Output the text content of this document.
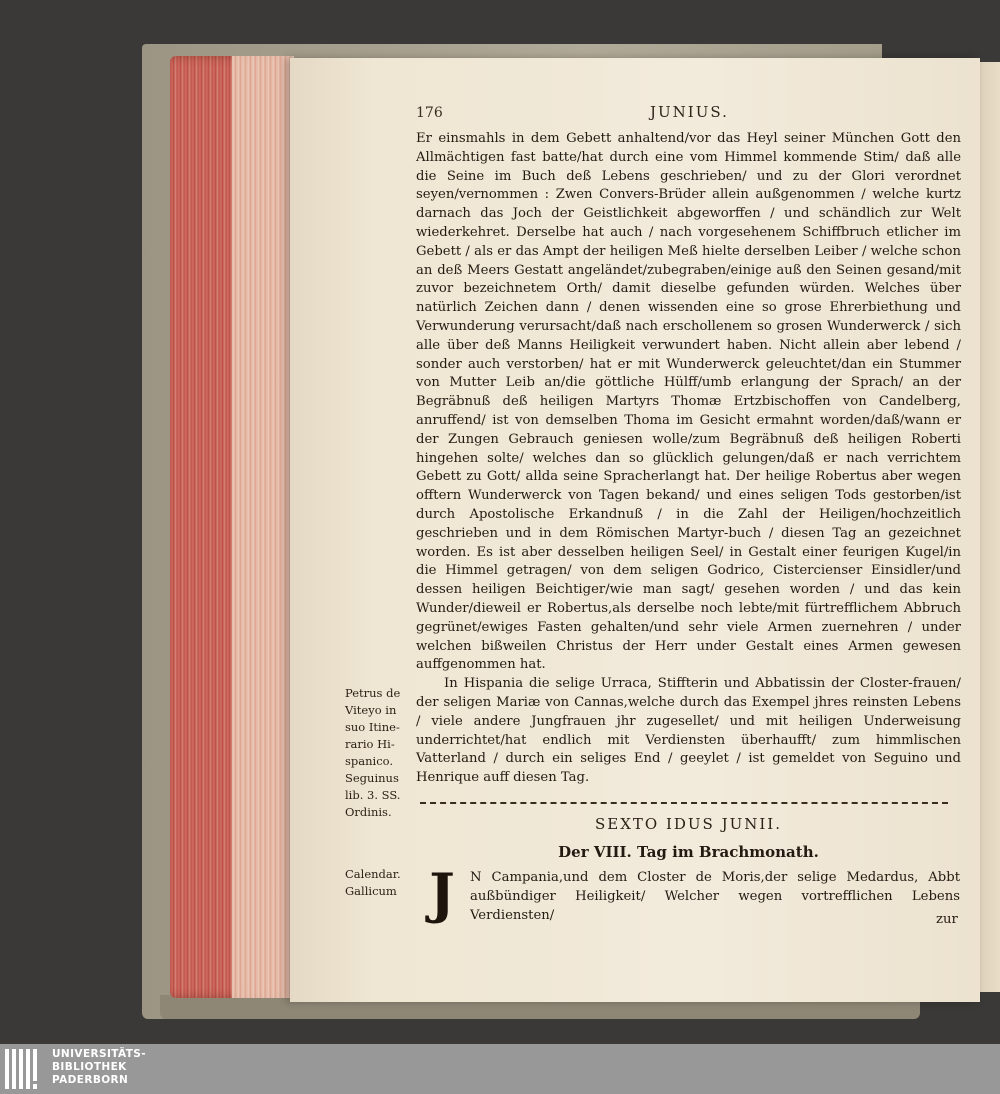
176	JUNIUS.

Er einsmahls in dem Gebett anhaltend/vor das Heyl seiner München Gott den Allmächtigen fast batte/hat durch eine vom Himmel kommende Stim/ daß alle die Seine im Buch deß Lebens geschrieben/ und zu der Glori verordnet seyen/vernommen : Zwen Convers-Brüder allein außgenommen / welche kurtz darnach das Joch der Geistlichkeit abgeworffen / und schändlich zur Welt wiederkehret. Derselbe hat auch / nach vorgesehenem Schiffbruch etlicher im Gebett / als er das Ampt der heiligen Meß hielte derselben Leiber / welche schon an deß Meers Gestatt angeländet/zubegraben/einige auß den Seinen gesand/mit zuvor bezeichnetem Orth/ damit dieselbe gefunden würden. Welches über natürlich Zeichen dann / denen wissenden eine so grose Ehrerbiethung und Verwunderung verursacht/daß nach erschollenem so grosen Wunderwerck / sich alle über deß Manns Heiligkeit verwundert haben. Nicht allein aber lebend / sonder auch verstorben/ hat er mit Wunderwerck geleuchtet/dan ein Stummer von Mutter Leib an/die göttliche Hülff/umb erlangung der Sprach/ an der Begräbnuß deß heiligen Martyrs Thomæ Ertzbischoffen von Candelberg, anruffend/ ist von demselben Thoma im Gesicht ermahnt worden/daß/wann er der Zungen Gebrauch geniesen wolle/zum Begräbnuß deß heiligen Roberti hingehen solte/ welches dan so glücklich gelungen/daß er nach verrichtem Gebett zu Gott/ allda seine Spracherlangt hat. Der heilige Robertus aber wegen offtern Wunderwerck von Tagen bekand/ und eines seligen Tods gestorben/ist durch Apostolische Erkandnuß / in die Zahl der Heiligen/hochzeitlich geschrieben und in dem Römischen Martyr-buch / diesen Tag an gezeichnet worden. Es ist aber desselben heiligen Seel/ in Gestalt einer feurigen Kugel/in die Himmel getragen/ von dem seligen Godrico, Cistercienser Einsidler/und dessen heiligen Beichtiger/wie man sagt/ gesehen worden / und das kein Wunder/dieweil er Robertus,als derselbe noch lebte/mit fürtrefflichem Abbruch gegrünet/ewiges Fasten gehalten/und sehr viele Armen zuernehren / under welchen bißweilen Christus der Herr under Gestalt eines Armen gewesen auffgenommen hat.

In Hispania die selige Urraca, Stiffterin und Abbatissin der Closter-frauen/ der seligen Mariæ von Cannas,welche durch das Exempel jhres reinsten Lebens / viele andere Jungfrauen jhr zugesellet/ und mit heiligen Underweisung underrichtet/hat endlich mit Verdiensten überhaufft/ zum himmlischen Vatterland / durch ein seliges End / geeylet / ist gemeldet von Seguino und Henrique auff diesen Tag.

Petrus de
Viteyo in
suo Itine-
rario Hi-
spanico.
Seguinus
lib. 3. SS.
Ordinis.
SEXTO IDUS JUNII.
Der VIII. Tag im Brachmonath.
Calendar.
Gallicum J	N Campania,und dem Closter de Moris,der selige Medardus, Abbt außbündiger Heiligkeit/ Welcher wegen vortrefflichen Lebens Verdiensten/	zur
UNIVERSITÄTS-
BIBLIOTHEK
PADERBORN
